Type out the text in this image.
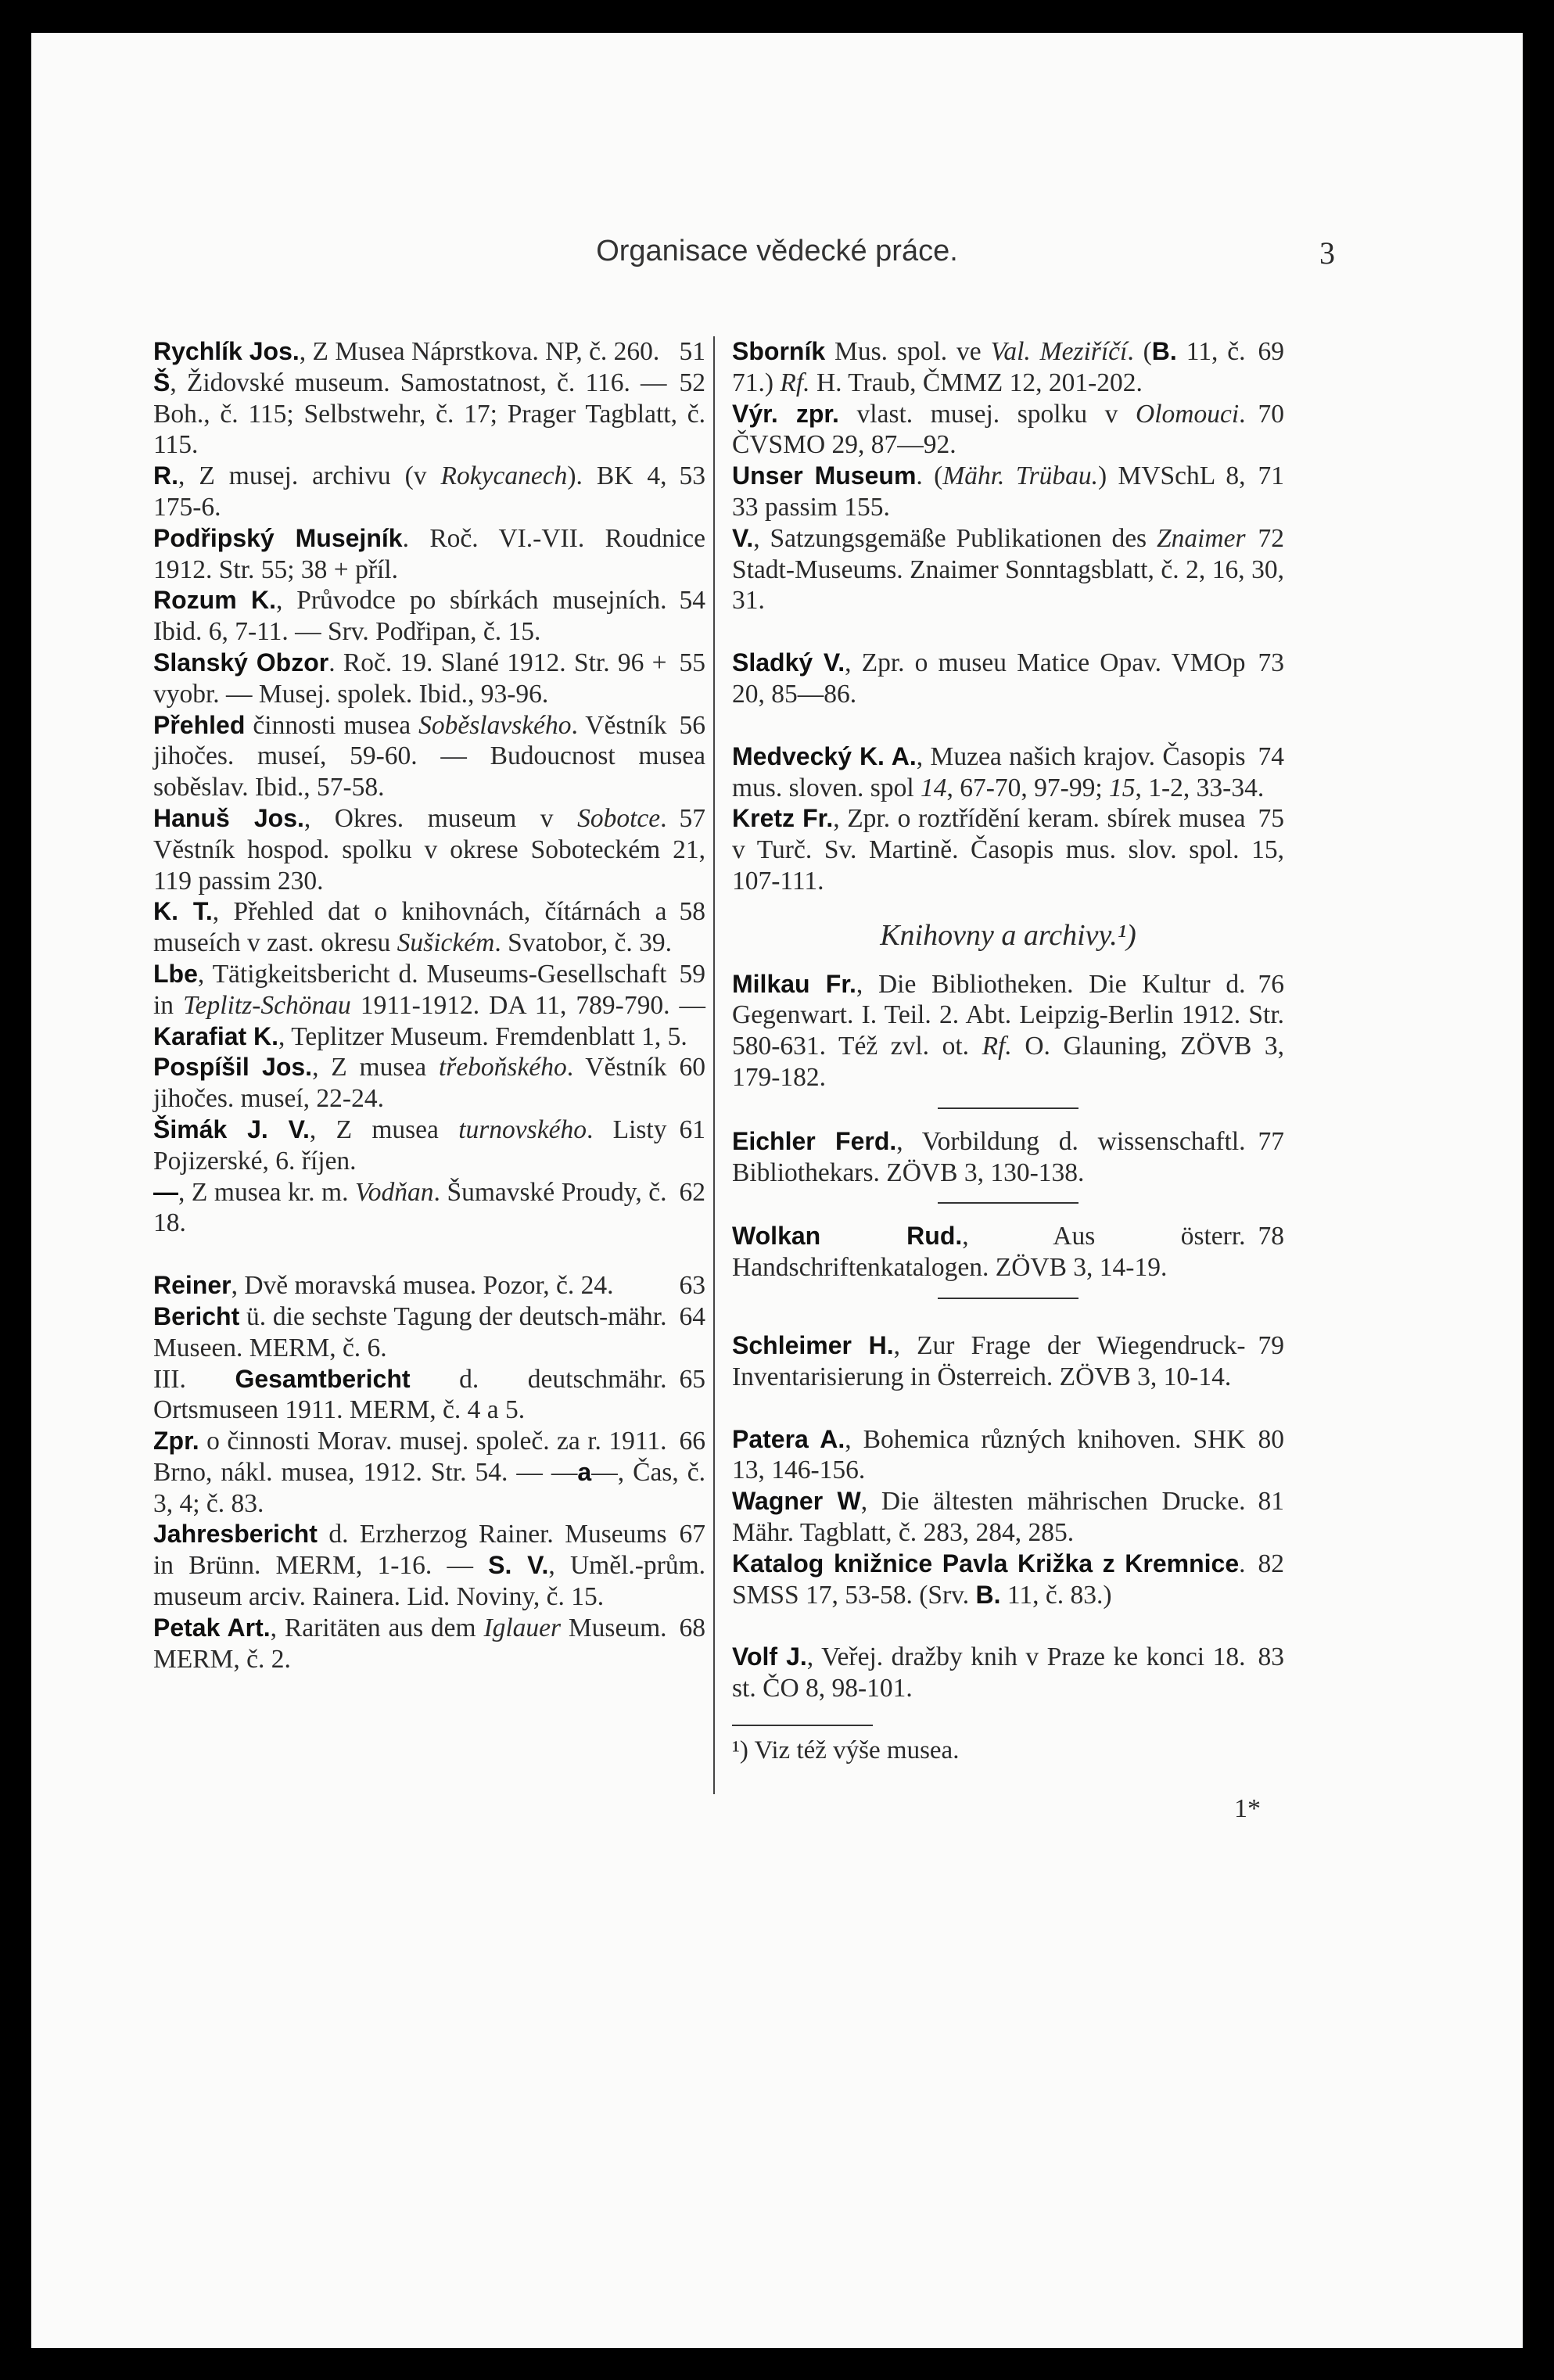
Organisace vědecké práce.	3
51
Rychlík Jos., Z Musea Náprstkova. NP, č. 260.
52
Š, Židovské museum. Samostatnost, č. 116. — Boh., č. 115; Selbstwehr, č. 17; Prager Tagblatt, č. 115.
53
R., Z musej. archivu (v Rokycanech). BK 4, 175-6.
Podřipský Musejník. Roč. VI.-VII. Roudnice 1912. Str. 55; 38 + příl.
54
Rozum K., Průvodce po sbírkách musejních. Ibid. 6, 7-11. — Srv. Podřipan, č. 15.
55
Slanský Obzor. Roč. 19. Slané 1912. Str. 96 + vyobr. — Musej. spolek. Ibid., 93-96.
56
Přehled činnosti musea Soběslavského. Věstník jihočes. museí, 59-60. — Budoucnost musea soběslav. Ibid., 57-58.
57
Hanuš Jos., Okres. museum v Sobotce. Věstník hospod. spolku v okrese Soboteckém 21, 119 passim 230.
58
K. T., Přehled dat o knihovnách, čítárnách a museích v zast. okresu Sušickém. Svatobor, č. 39.
59
Lbe, Tätigkeitsbericht d. Museums-Gesellschaft in Teplitz-Schönau 1911-1912. DA 11, 789-790. — Karafiat K., Teplitzer Museum. Fremdenblatt 1, 5.
60
Pospíšil Jos., Z musea třeboňského. Věstník jihočes. museí, 22-24.
61
Šimák J. V., Z musea turnovského. Listy Pojizerské, 6. říjen.
62
—, Z musea kr. m. Vodňan. Šumavské Proudy, č. 18.
63
Reiner, Dvě moravská musea. Pozor, č. 24.
64
Bericht ü. die sechste Tagung der deutsch-mähr. Museen. MERM, č. 6.
65
III. Gesamtbericht d. deutschmähr. Ortsmuseen 1911. MERM, č. 4 a 5.
66
Zpr. o činnosti Morav. musej. společ. za r. 1911. Brno, nákl. musea, 1912. Str. 54. — —a—, Čas, č. 3, 4; č. 83.
67
Jahresbericht d. Erzherzog Rainer. Museums in Brünn. MERM, 1-16. — S. V., Uměl.-prům. museum arciv. Rainera. Lid. Noviny, č. 15.
68
Petak Art., Raritäten aus dem Iglauer Museum. MERM, č. 2.
69
Sborník Mus. spol. ve Val. Meziříčí. (B. 11, č. 71.) Rf. H. Traub, ČMMZ 12, 201-202.
70
Výr. zpr. vlast. musej. spolku v Olomouci. ČVSMO 29, 87—92.
71
Unser Museum. (Mähr. Trübau.) MVSchL 8, 33 passim 155.
72
V., Satzungsgemäße Publikationen des Znaimer Stadt-Museums. Znaimer Sonntagsblatt, č. 2, 16, 30, 31.
73
Sladký V., Zpr. o museu Matice Opav. VMOp 20, 85—86.
74
Medvecký K. A., Muzea našich krajov. Časopis mus. sloven. spol 14, 67-70, 97-99; 15, 1-2, 33-34.
75
Kretz Fr., Zpr. o roztřídění keram. sbírek musea v Turč. Sv. Martině. Časopis mus. slov. spol. 15, 107-111.
Knihovny a archivy.¹)
76
Milkau Fr., Die Bibliotheken. Die Kultur d. Gegenwart. I. Teil. 2. Abt. Leipzig-Berlin 1912. Str. 580-631. Též zvl. ot. Rf. O. Glauning, ZÖVB 3, 179-182.
77
Eichler Ferd., Vorbildung d. wissenschaftl. Bibliothekars. ZÖVB 3, 130-138.
78
Wolkan Rud., Aus österr. Handschriftenkatalogen. ZÖVB 3, 14-19.
79
Schleimer H., Zur Frage der Wiegendruck-Inventarisierung in Österreich. ZÖVB 3, 10-14.
80
Patera A., Bohemica různých knihoven. SHK 13, 146-156.
81
Wagner W, Die ältesten mährischen Drucke. Mähr. Tagblatt, č. 283, 284, 285.
82
Katalog knižnice Pavla Križka z Kremnice. SMSS 17, 53-58. (Srv. B. 11, č. 83.)
83
Volf J., Veřej. dražby knih v Praze ke konci 18. st. ČO 8, 98-101.
¹) Viz též výše musea.
1*
